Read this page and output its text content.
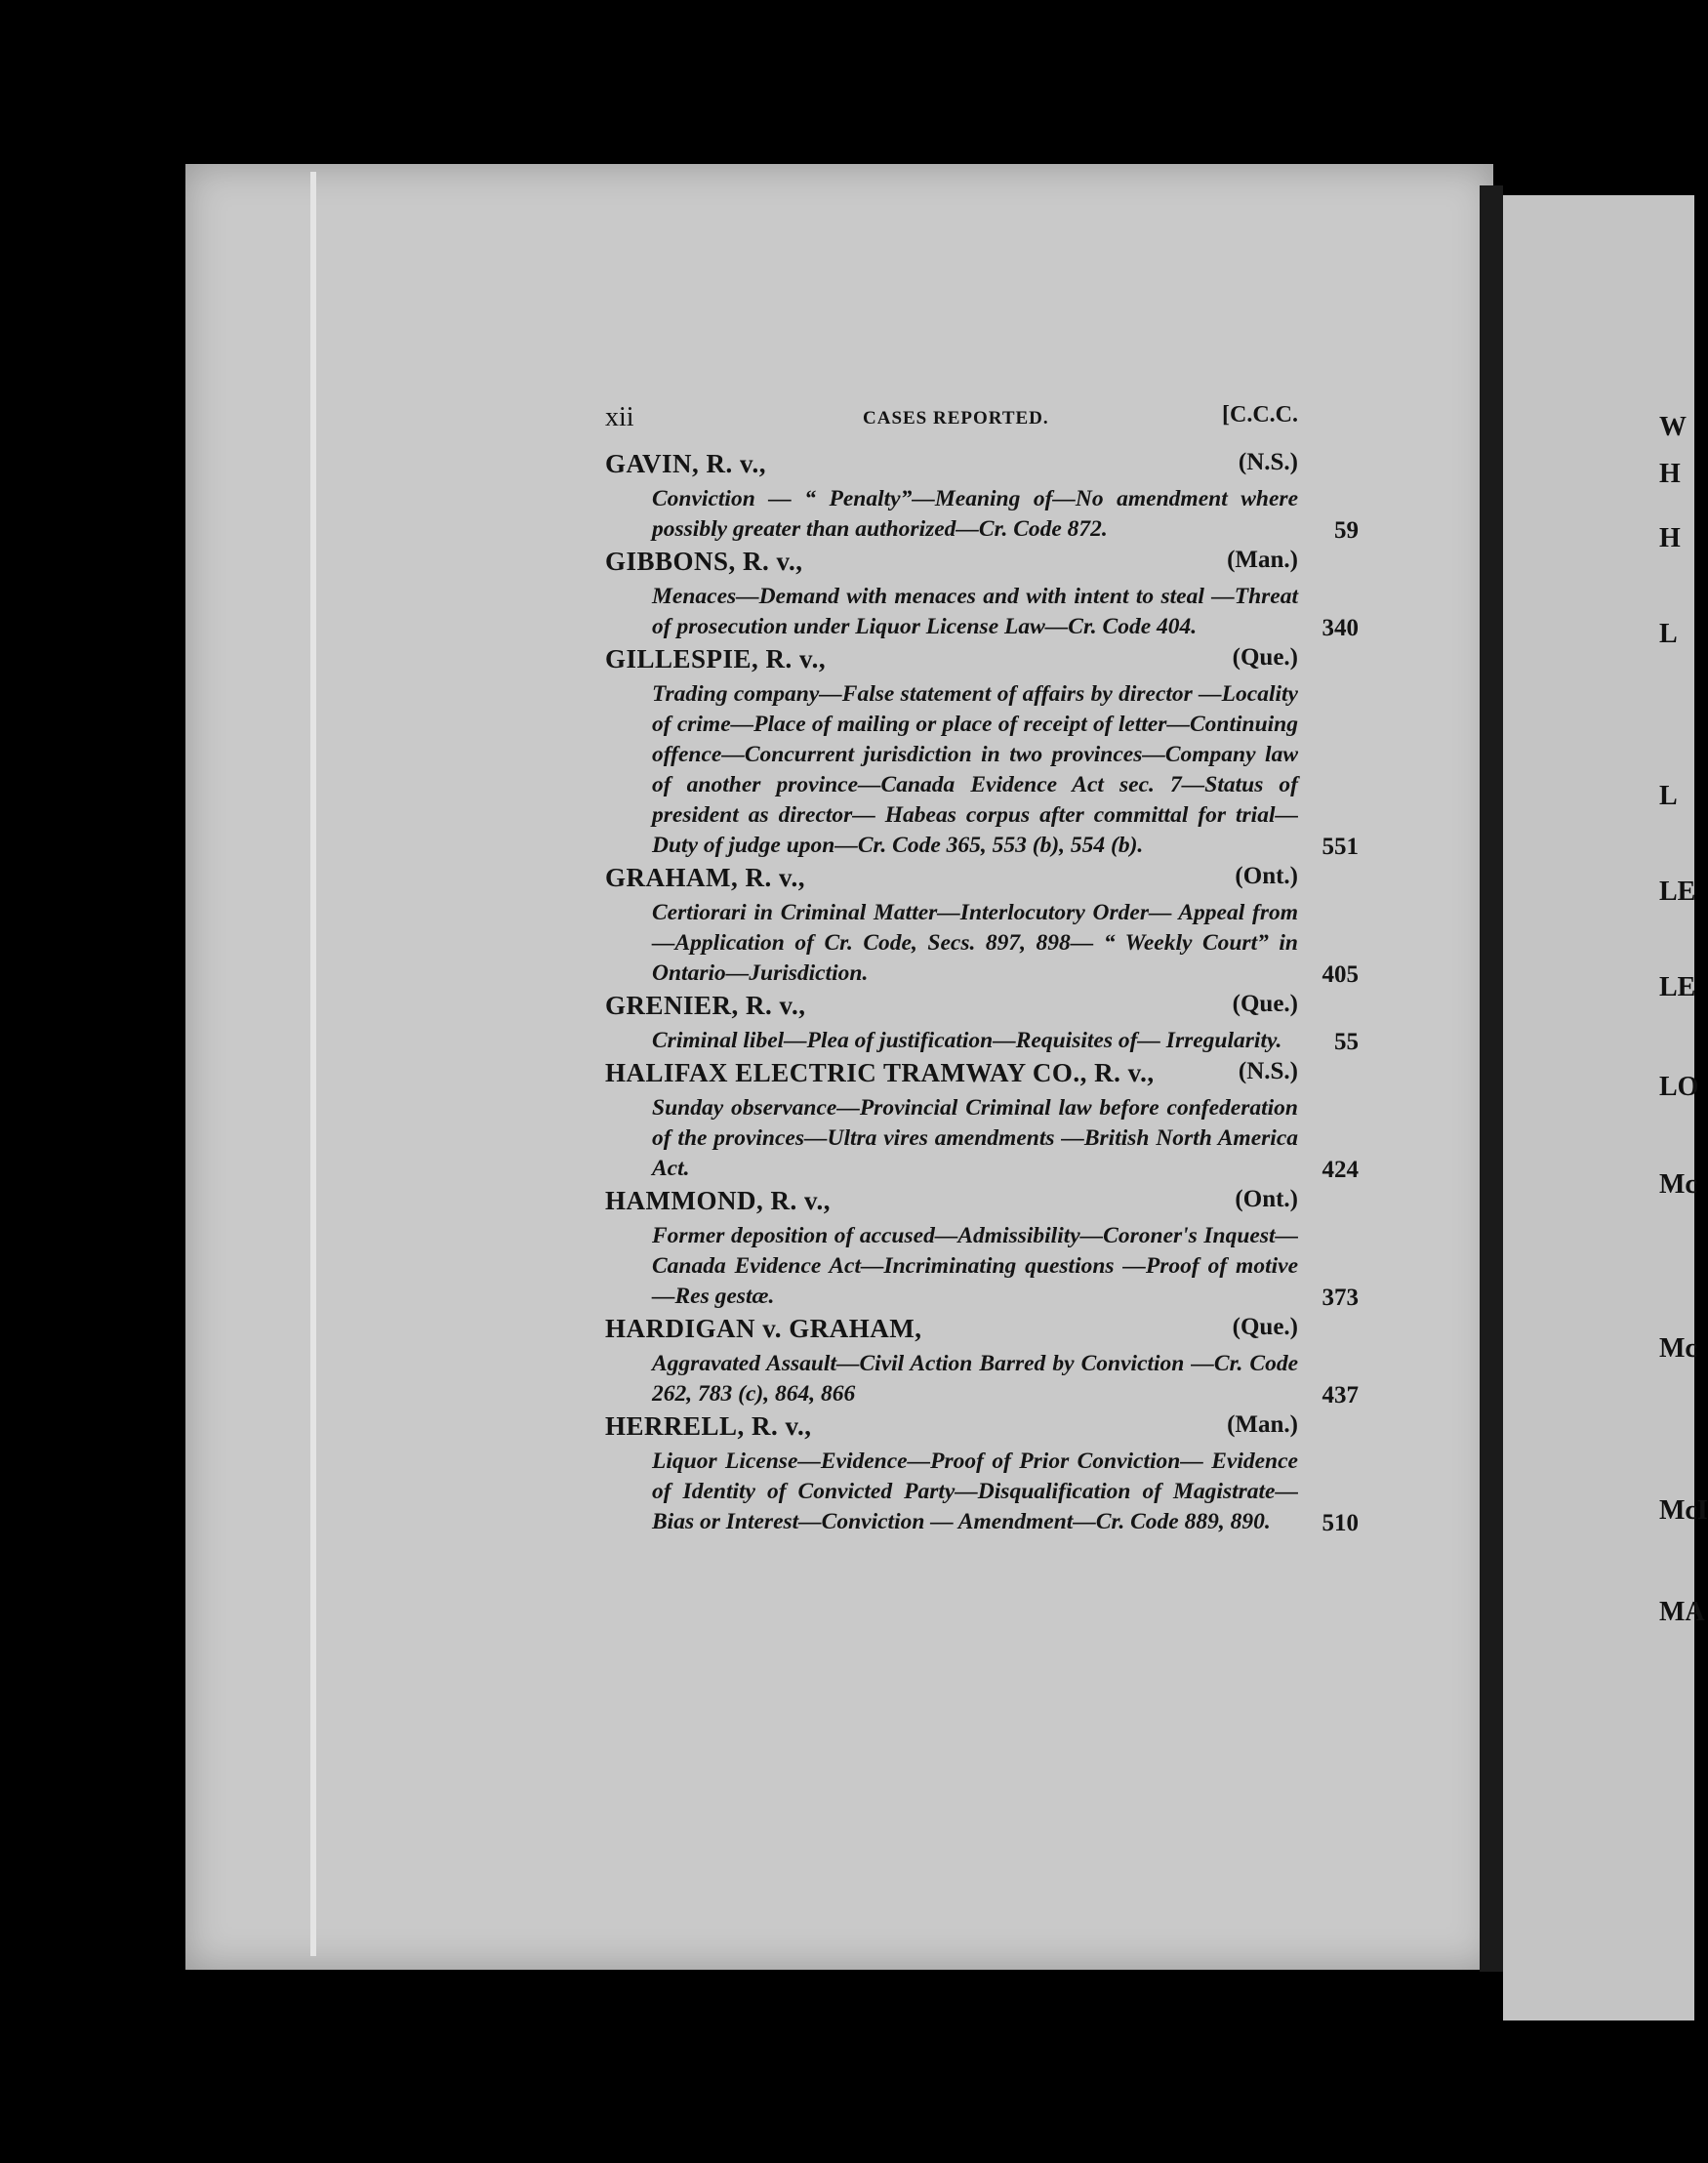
W
H
H
L
L
LE
LE
LO
Mc
Mc
McI
MA
xii	CASES REPORTED.	[C.C.C.
GAVIN, R. v.,	(N.S.)
Conviction — “ Penalty”—Meaning of—No amendment where possibly greater than authorized—Cr. Code 872.	59
GIBBONS, R. v.,	(Man.)
Menaces—Demand with menaces and with intent to steal —Threat of prosecution under Liquor License Law—Cr. Code 404.	340
GILLESPIE, R. v.,	(Que.)
Trading company—False statement of affairs by director —Locality of crime—Place of mailing or place of receipt of letter—Continuing offence—Concurrent jurisdiction in two provinces—Company law of another province—Canada Evidence Act sec. 7—Status of president as director— Habeas corpus after committal for trial—Duty of judge upon—Cr. Code 365, 553 (b), 554 (b).	551
GRAHAM, R. v.,	(Ont.)
Certiorari in Criminal Matter—Interlocutory Order— Appeal from—Application of Cr. Code, Secs. 897, 898— “ Weekly Court” in Ontario—Jurisdiction.	405
GRENIER, R. v.,	(Que.)
Criminal libel—Plea of justification—Requisites of— Irregularity.	55
HALIFAX ELECTRIC TRAMWAY CO., R. v.,	(N.S.)
Sunday observance—Provincial Criminal law before confederation of the provinces—Ultra vires amendments —British North America Act.	424
HAMMOND, R. v.,	(Ont.)
Former deposition of accused—Admissibility—Coroner's Inquest—Canada Evidence Act—Incriminating questions —Proof of motive—Res gestæ.	373
HARDIGAN v. GRAHAM,	(Que.)
Aggravated Assault—Civil Action Barred by Conviction —Cr. Code 262, 783 (c), 864, 866	437
HERRELL, R. v.,	(Man.)
Liquor License—Evidence—Proof of Prior Conviction— Evidence of Identity of Convicted Party—Disqualification of Magistrate—Bias or Interest—Conviction — Amendment—Cr. Code 889, 890.	510
